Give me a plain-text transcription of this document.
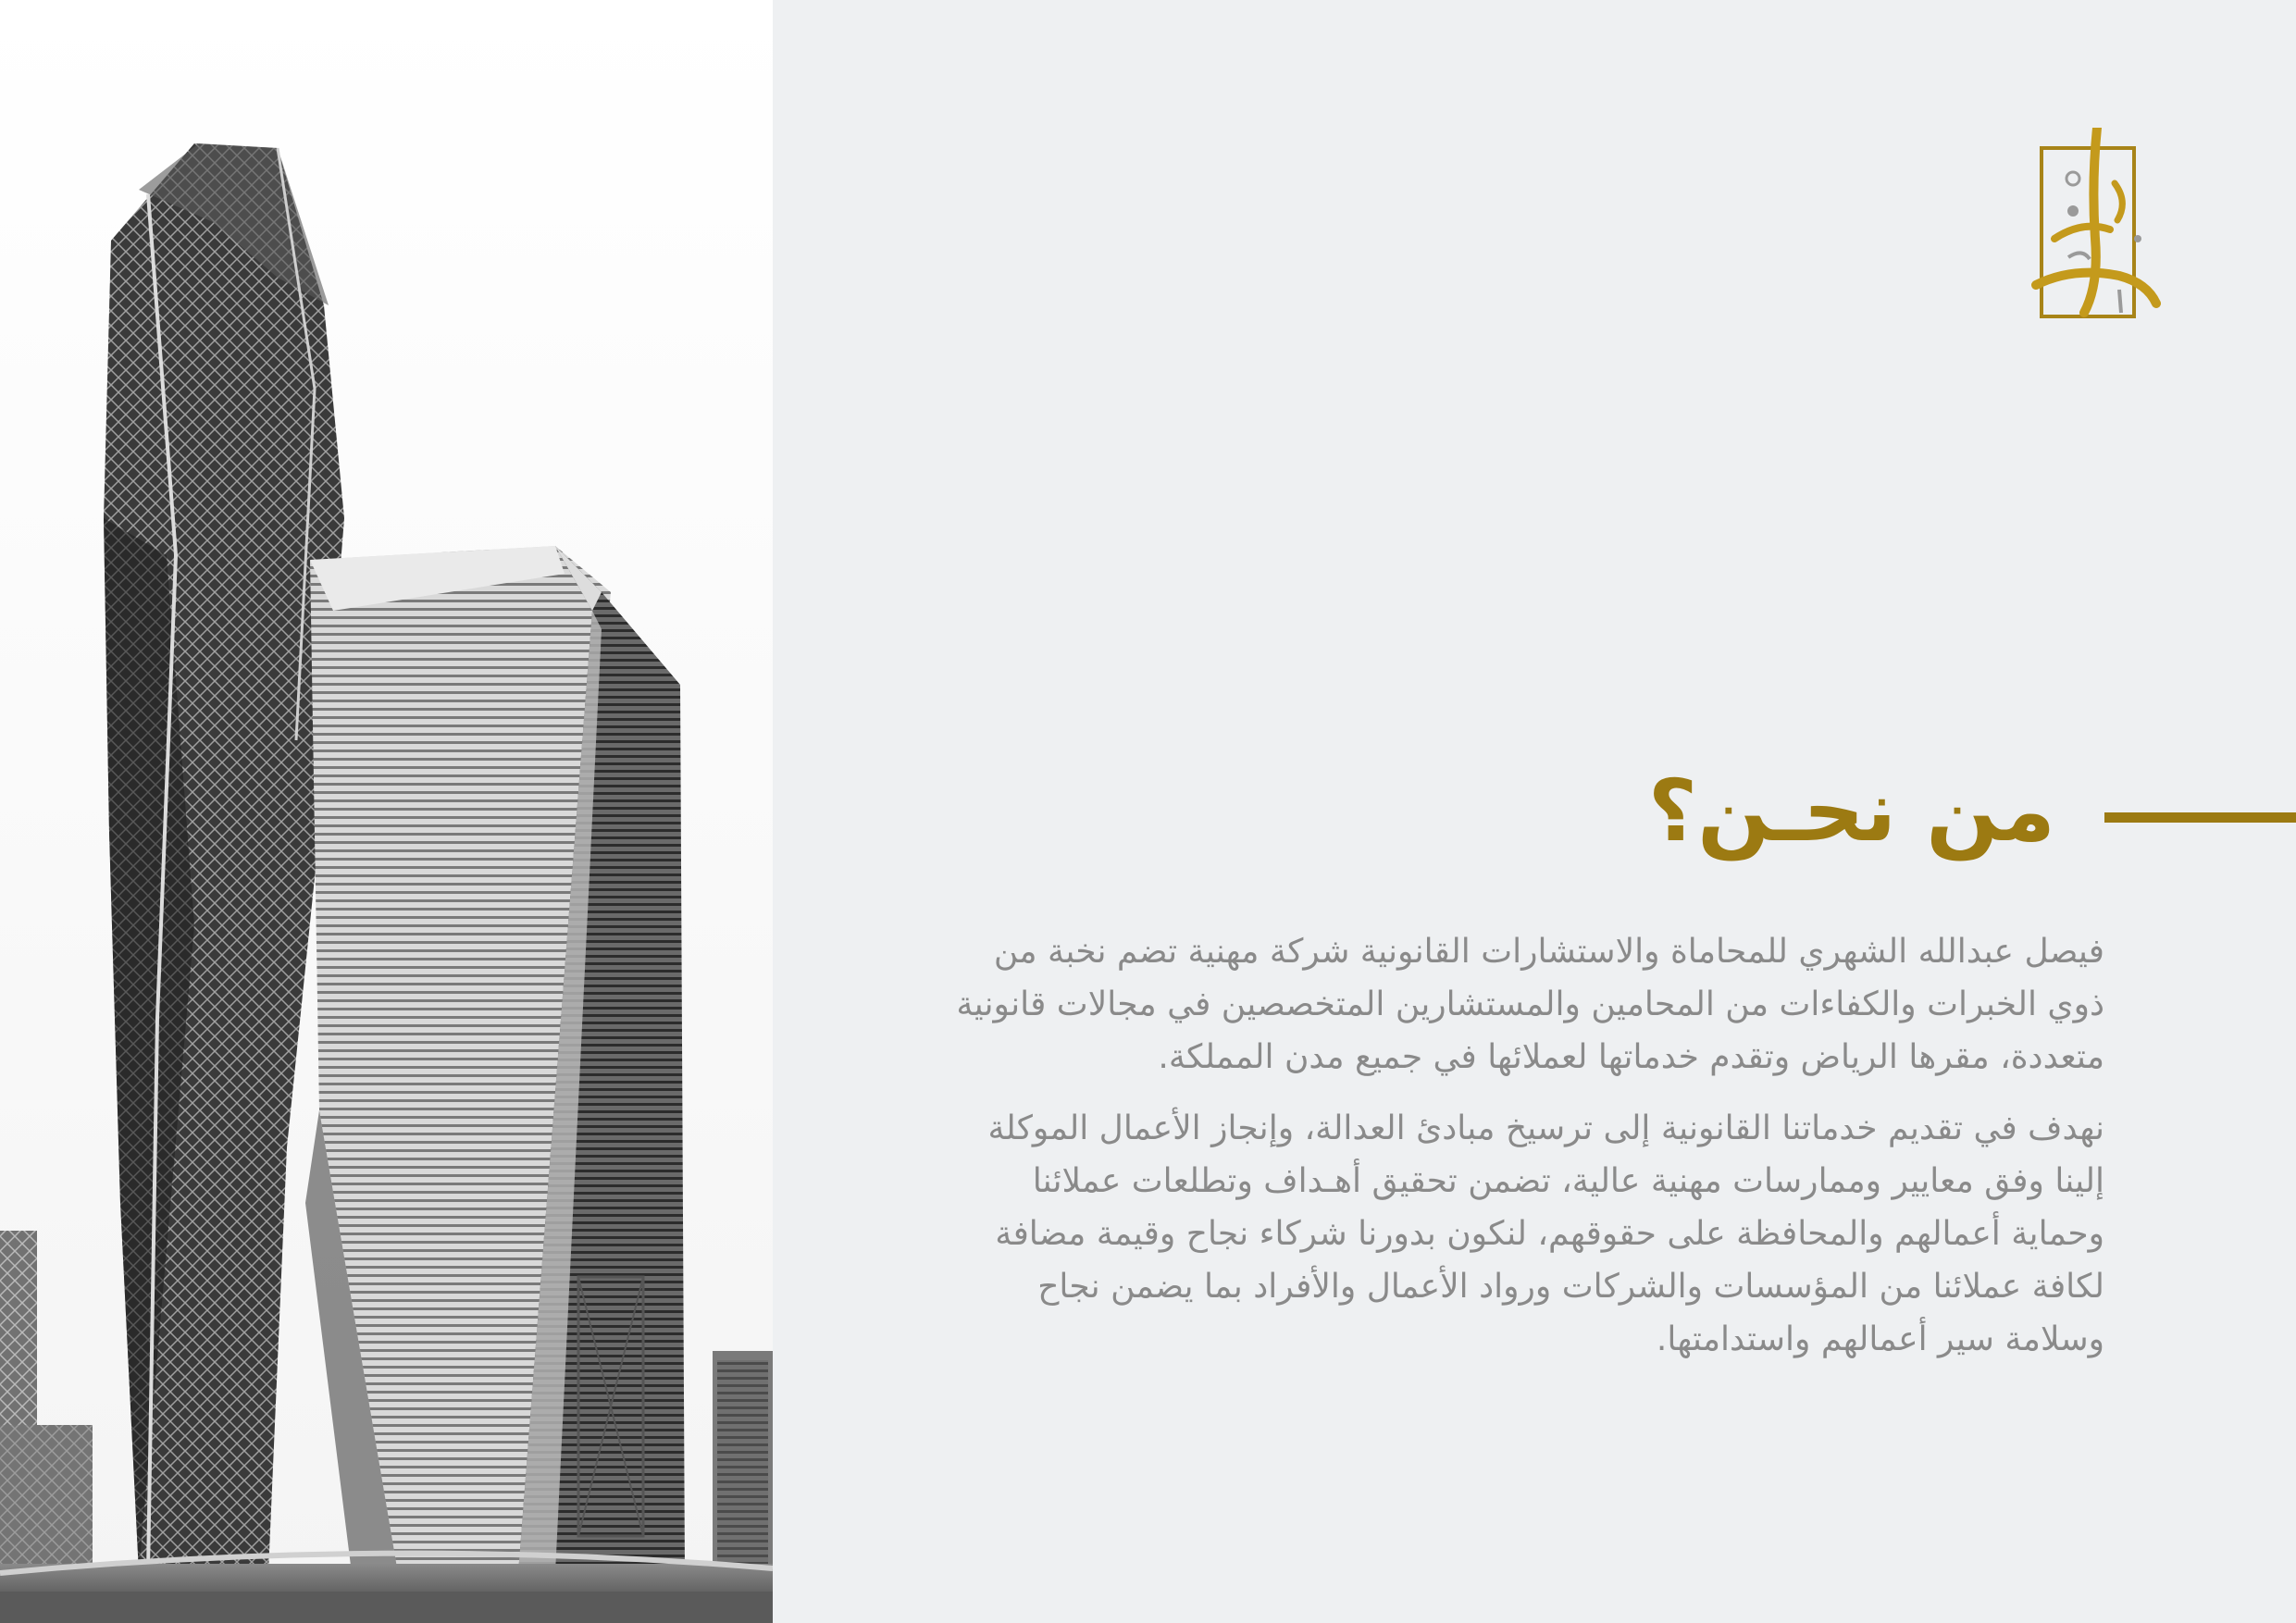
من نحـن؟

فيصل عبدالله الشهري للمحاماة والاستشارات القانونية شركة مهنية تضم نخبة من ذوي الخبرات والكفاءات من المحامين والمستشارين المتخصصين في مجالات قانونية متعددة، مقرها الرياض وتقدم خدماتها لعملائها في جميع مدن المملكة.

نهدف في تقديم خدماتنا القانونية إلى ترسيخ مبادئ العدالة، وإنجاز الأعمال الموكلة إلينا وفق معايير وممارسات مهنية عالية، تضمن تحقيق أهـداف وتطلعات عملائنا وحماية أعمالهم والمحافظة على حقوقهم، لنكون بدورنا شركاء نجاح وقيمة مضافة لكافة عملائنا من المؤسسات والشركات ورواد الأعمال والأفراد بما يضمن نجاح وسلامة سير أعمالهم واستدامتها.
